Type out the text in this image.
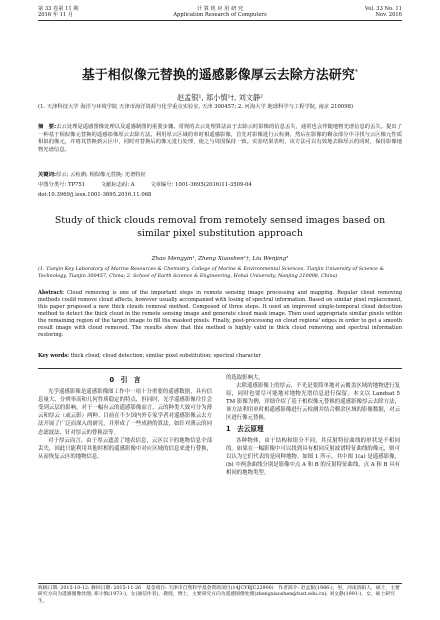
第 33 卷第 11 期
2016 年 11 月
计 算 机 应 用 研 究
Application Research of Computers
Vol. 33 No. 11
Nov. 2016
基于相似像元替换的遥感影像厚云去除方法研究*
赵孟银¹, 郑小慎¹†, 刘文静²
(1. 天津科技大学 海洋与环境学院 天津市海洋资源与化学重点实验室, 天津 300457; 2. 河海大学 地球科学与工程学院, 南京 210098)
摘　要:去云处理是遥感图像处理以及遥感制图的重要步骤。常规的去云处理算法由于去除云时影像的信息丢失，通常也会伴随地物光谱信息的丢失。提出了一种基于相似像元替换的遥感影像厚云去除方法。利用厚云区域的单时相遥感影像，首先对影像进行云检测，然后在影像的剩余部分中寻找与云区像元性质相似的像元，并将其替换到云区中，同时对替换后的像元进行处理，使之与周围保持一致。实验结果表明，该方法可以有效地去除厚云的同时，保持影像地物光谱信息。
关键词:厚云; 云检测; 相似像元替换; 光谱特征
中图分类号: TP751	文献标志码: A	文章编号: 1001-3695(2016)11-3509-04
doi:10.3969/j.issn.1001-3695.2016.11.068
Study of thick clouds removal from remotely sensed images based on similar pixel substitution approach
Zhao Mengyin¹, Zheng Xiaoshen¹†, Liu Wenjing²
(1. Tianjin Key Laboratory of Marine Resources & Chemistry, College of Marine & Environmental Sciences, Tianjin University of Science & Technology, Tianjin 300457, China; 2. School of Earth Science & Engineering, Hohai University, Nanjing 210098, China)
Abstract: Cloud removing is one of the important steps in remote sensing image processing and mapping. Regular cloud removing methods could remove cloud affects, however usually accompanied with losing of spectral information. Based on similar pixel replacement, this paper proposed a new thick clouds removal method. Composed of three steps. It used an improved single-temporal cloud detection method to detect the thick cloud in the remote sensing image and generate cloud mask image. Then used appropriate similar pixels within the remaining region of the target image to fill the masked pixels. Finally, post-processing on cloud regions' edges in order to get a smooth result image with cloud removed. The results show that this method is highly valid in thick cloud removing and spectral information restoring.
Key words: thick cloud; cloud detection; similar pixel substitution; spectral character
0　引　言

光学遥感影像是遥感影像图工作中一项十分重要的遥感数据，具有信息量大、分辨率高和几何性质稳定的特点，但同时，光学遥感影像往往会受到云层的影响。对于一幅有云的遥感影像而言，云的种类大致可分为薄云和厚云（或云影）两种。目前在不少国内外专家学者对遥感影像云去方法开展了广泛而深入的研究，并形成了一些成熟的算法，如针对薄云的同态滤波法、针对厚云的替换法等。

对于厚云而言，由于厚云遮盖了地表信息，云区以下的地物信息全部丢失，因此只能利用其他时相的遥感影像中对应区域的信息来进行替换，从而恢复云区的地物信息。

的选取影响大。

去除遥感影像上的厚云，不光是要简单地对云覆盖区域的地物进行复原，同时也要尽可能地对地物光谱信息进行保留。本文以 Landsat 5 TM 影像为例，详细介绍了基于相似像元替换的遥感影像厚云去除方法，该方法利用单时相遥感影像进行云检测并结合剩余区域的影像数据，对云区进行像元替换。

1　去云原理

各种物体，由于结构和组分不同，其反射特征曲线的形状是不相同的。如果在一幅影像中可以找到具有相同反射波谱特征曲线的像元，则可以认为它们代表的是同种地物。如图 1 所示，其中图 1(a) 是遥感影像，(b) 中两条曲线分别是影像中点 A 和 B 的反射特征曲线。点 A 和 B 具有相同的地物类型。

收稿日期: 2015-10-12; 修回日期: 2015-11-26　基金项目: 天津市自然科学基金资助项目(14JCYBJC22900)　作者简介: 赵孟银(1986-)，男，河南洛阳人，硕士，主要研究方向为遥感图像处理; 郑小慎(1973-)，女(通信作者)，教授，博士，主要研究方向为遥感图像处理(zhengxiaoshen@tust.edu.cn); 刘文静(1991-)，女，硕士研究生。
